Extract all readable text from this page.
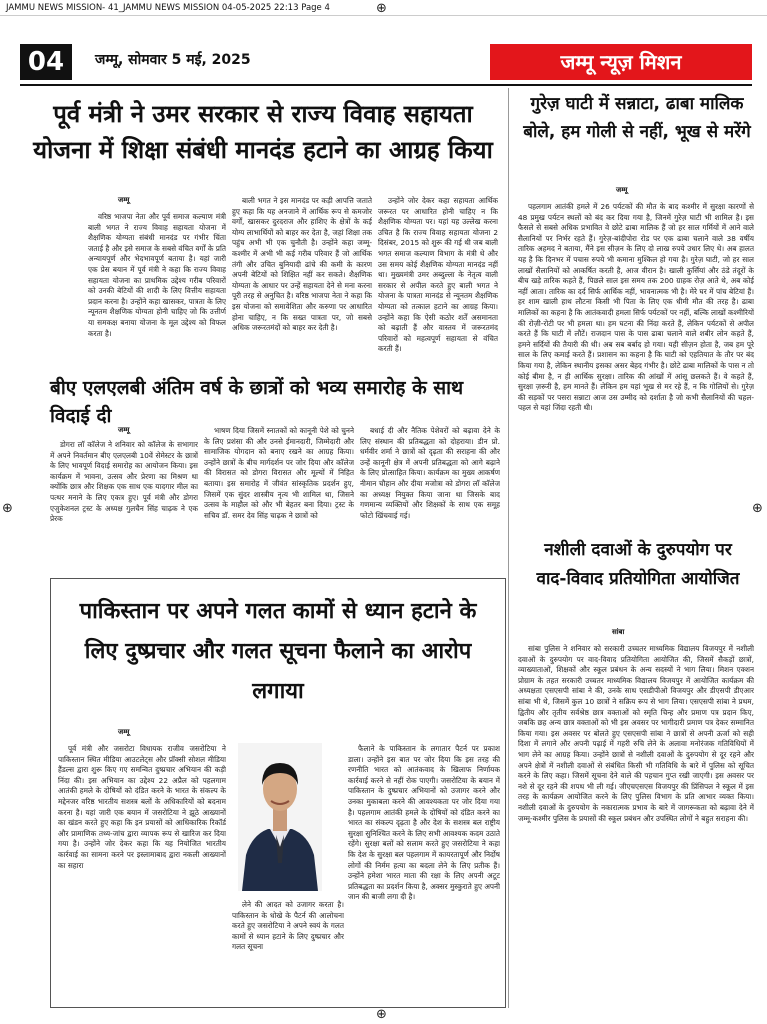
JAMMU NEWS MISSION- 41_JAMMU NEWS MISSION 04-05-2025 22:13 Page 4	⊕
⊕
⊕	⊕
04	जम्मू, सोमवार 5 मई, 2025	जम्मू न्यूज़ मिशन
पूर्व मंत्री ने उमर सरकार से राज्य विवाह सहायता योजना में शिक्षा संबंधी मानदंड हटाने का आग्रह किया
जम्मू

वरिष्ठ भाजपा नेता और पूर्व समाज कल्याण मंत्री बाली भगत ने राज्य विवाह सहायता योजना में शैक्षणिक योग्यता संबंधी मानदंड पर गंभीर चिंता जताई है और इसे समाज के सबसे वंचित वर्गों के प्रति अन्यायपूर्ण और भेदभावपूर्ण बताया है। यहां जारी एक प्रेस बयान में पूर्व मंत्री ने कहा कि राज्य विवाह सहायता योजना का प्राथमिक उद्देश्य गरीब परिवारों को उनकी बेटियों की शादी के लिए वित्तीय सहायता प्रदान करना है। उन्होंने कहा खासकर, पात्रता के लिए न्यूनतम शैक्षणिक योग्यता होनी चाहिए जो कि उत्तीर्ण या समकक्ष बनाया योजना के मूल उद्देश्य को विफल करता है।

बाली भगत ने इस मानदंड पर कड़ी आपत्ति जताते हुए कहा कि यह अनजाने में आर्थिक रूप से कमजोर वर्गों, खासकर दुरदराज और हाशिए के क्षेत्रों के कई योग्य लाभार्थियों को बाहर कर देता है, जहां शिक्षा तक पहुंच अभी भी एक चुनौती है। उन्होंने कहा जम्मू-कश्मीर में अभी भी कई गरीब परिवार हैं जो आर्थिक तंगी और उचित बुनियादी ढांचे की कमी के कारण अपनी बेटियों को शिक्षित नहीं कर सकते। शैक्षणिक योग्यता के आधार पर उन्हें सहायता देने से मना करना पूरी तरह से अनुचित है। वरिष्ठ भाजपा नेता ने कहा कि इस योजना को समावेशिता और करुणा पर आधारित होना चाहिए, न कि सख्त पात्रता पर, जो सबसे अधिक जरूरतमंदों को बाहर कर देती है।

उन्होंने जोर देकर कहा सहायता आर्थिक जरूरत पर आधारित होनी चाहिए न कि शैक्षणिक योग्यता पर। यहां यह उल्लेख करना उचित है कि राज्य विवाह सहायता योजना 2 दिसंबर, 2015 को शुरू की गई थी जब बाली भगत समाज कल्याण विभाग के मंत्री थे और उस समय कोई शैक्षणिक योग्यता मानदंड नहीं था। मुख्यमंत्री उमर अब्दुल्ला के नेतृत्व वाली सरकार से अपील करते हुए बाली भगत ने योजना के पात्रता मानदंड से न्यूनतम शैक्षणिक योग्यता को तत्काल हटाने का आग्रह किया। उन्होंने कहा कि ऐसी कठोर शर्तें असमानता को बढ़ाती हैं और वास्तव में जरूरतमंद परिवारों को महत्वपूर्ण सहायता से वंचित करती हैं।

बीए एलएलबी अंतिम वर्ष के छात्रों को भव्य समारोह के साथ विदाई दी
जम्मू

डोगरा लॉ कॉलेज ने शनिवार को कॉलेज के सभागार में अपने निवर्तमान बीए एलएलबी 10वें सेमेस्टर के छात्रों के लिए भावपूर्ण विदाई समारोह का आयोजन किया। इस कार्यक्रम में भावना, उत्सव और प्रेरणा का मिश्रण था क्योंकि छात्र और शिक्षक एक साथ एक यादगार मील का पत्थर मनाने के लिए एकत्र हुए। पूर्व मंत्री और डोगरा एजुकेशनल ट्रस्ट के अध्यक्ष गुलचैन सिंह चाढ़क ने एक प्रेरक

भाषण दिया जिसमें स्नातकों को कानूनी पेशे को चुनने के लिए प्रशंसा की और उनसे ईमानदारी, जिम्मेदारी और सामाजिक योगदान को बनाए रखने का आग्रह किया। उन्होंने छात्रों के बीच मार्गदर्शन पर जोर दिया और कॉलेज की विरासत को डोगरा विरासत और मूल्यों में निहित बताया। इस समारोह में जीवंत सांस्कृतिक प्रदर्शन हुए, जिसमें एक सुंदर शास्त्रीय नृत्य भी शामिल था, जिसने उत्सव के माहौल को और भी बेहतर बना दिया। ट्रस्ट के सचिव डॉ. समर देव सिंह चाढ़क ने छात्रों को

बधाई दी और नैतिक पेशेवरों को बढ़ावा देने के लिए संस्थान की प्रतिबद्धता को दोहराया। डीन प्रो. धर्मवीर शर्मा ने छात्रों को दृढ़ता की सराहना की और उन्हें कानूनी क्षेत्र में अपनी प्रतिबद्धता को आगे बढ़ाने के लिए प्रोत्साहित किया। कार्यक्रम का मुख्य आकर्षण नीमान चौहान और दीया मजोत्रा को डोगरा लॉ कॉलेज का अध्यक्ष नियुक्त किया जाना था जिसके बाद गणमान्य व्यक्तियों और शिक्षकों के साथ एक समूह फोटो खिंचवाई गई।

पाकिस्तान पर अपने गलत कामों से ध्यान हटाने के लिए दुष्प्रचार और गलत सूचना फैलाने का आरोप लगाया
जम्मू

पूर्व मंत्री और जसरोटा विधायक राजीव जसरोटिया ने पाकिस्तान स्थित मीडिया आउटलेट्स और प्रॉक्सी सोशल मीडिया हैंडल्स द्वारा शुरू किए गए समन्वित दुष्प्रचार अभियान की कड़ी निंदा की। इस अभियान का उद्देश्य 22 अप्रैल को पहलगाम आतंकी हमले के दोषियों को दंडित करने के भारत के संकल्प के मद्देनजर वरिष्ठ भारतीय सशस्त्र बलों के अधिकारियों को बदनाम करना है। यहां जारी एक बयान में जसरोटिया ने झूठे आख्यानों का खंडन करते हुए कहा कि इन प्रयासों को आधिकारिक रिकॉर्ड और प्रामाणिक तथ्य-जांच द्वारा व्यापक रूप से खारिज कर दिया गया है। उन्होंने जोर देकर कहा कि यह नियोजित भारतीय कार्रवाई का सामना करने पर इस्लामाबाद द्वारा नकली आख्यानों का सहारा

लेने की आदत को उजागर करता है। पाकिस्तान के धोखे के पैटर्न की आलोचना करते हुए जसरोटिया ने अपने स्वयं के गलत कामों से ध्यान हटाने के लिए दुष्प्रचार और गलत सूचना

फैलाने के पाकिस्तान के लगातार पैटर्न पर प्रकाश डाला। उन्होंने इस बात पर जोर दिया कि इस तरह की रणनीति भारत को आतंकवाद के खिलाफ निर्णायक कार्रवाई करने से नहीं रोक पाएगी। जसरोटिया के बयान में पाकिस्तान के दुष्प्रचार अभियानों को उजागर करने और उनका मुकाबला करने की आवश्यकता पर जोर दिया गया है। पहलगाम आतंकी हमले के दोषियों को दंडित करने का भारत का संकल्प दृढ़ता है और देश के सशस्त्र बल राष्ट्रीय सुरक्षा सुनिश्चित करने के लिए सभी आवश्यक कदम उठाते रहेंगे। सुरक्षा बलों को सलाम करते हुए जसरोटिया ने कहा कि देश के सुरक्षा बल पहलगाम में कायरतापूर्ण और निर्दोष लोगों की निर्मम हत्या का बदला लेने के लिए प्रतीक हैं। उन्होंने हमेशा भारत माता की रक्षा के लिए अपनी अटूट प्रतिबद्धता का प्रदर्शन किया है, अक्सर मुस्कुराते हुए अपनी जान की बाजी लगा दी है।

गुरेज़ घाटी में सन्नाटा, ढाबा मालिक बोले, हम गोली से नहीं, भूख से मरेंगे
जम्मू

पहलगाम आतंकी हमले में 26 पर्यटकों की मौत के बाद कश्मीर में सुरक्षा कारणों से 48 प्रमुख पर्यटन स्थलों को बंद कर दिया गया है, जिनमें गुरेज़ घाटी भी शामिल है। इस फैसले से सबसे अधिक प्रभावित वे छोटे ढाबा मालिक हैं जो हर साल गर्मियों में आने वाले सैलानियों पर निर्भर रहते हैं। गुरेज़-बांदीपोरा रोड पर एक ढाबा चलाने वाले 38 वर्षीय तारिक अहमद ने बताया, मैंने इस सीज़न के लिए दो लाख रुपये उधार लिए थे। अब हालत यह है कि दिनभर में पचास रुपये भी कमाना मुश्किल हो गया है। गुरेज़ घाटी, जो हर साल लाखों सैलानियों को आकर्षित करती है, आज वीरान है। खाली कुर्सियां और ठंडे तंदूरों के बीच खड़े तारिक कहते हैं, पिछले साल इस समय तक 200 ग्राहक रोज़ आते थे, अब कोई नहीं आता। तारिक का दर्द सिर्फ आर्थिक नहीं, भावनात्मक भी है। मेरे घर में पांच बेटियां हैं। हर शाम खाली हाथ लौटना किसी भी पिता के लिए एक धीमी मौत की तरह है। ढाबा मालिकों का कहना है कि आतंकवादी हमला सिर्फ पर्यटकों पर नहीं, बल्कि लाखों कश्मीरियों की रोज़ी-रोटी पर भी हमला था। हम घटना की निंदा करते हैं, लेकिन पर्यटकों से अपील करते हैं कि घाटी में लौटें। राजदान पास के पास ढाबा चलाने वाले शबीर लोन कहते हैं, हमने सर्दियों की तैयारी की थी। अब सब बर्बाद हो गया। यही सीज़न होता है, जब हम पूरे साल के लिए कमाई करते हैं। प्रशासन का कहना है कि घाटी को एहतियात के तौर पर बंद किया गया है, लेकिन स्थानीय इसका असर बेहद गंभीर है। छोटे ढाबा मालिकों के पास न तो कोई बीमा है, न ही आर्थिक सुरक्षा। तारिक की आंखों में आंसू छलकते हैं। वे कहते हैं, सुरक्षा ज़रूरी है, हम मानते हैं। लेकिन हम यहां भूख से मर रहे हैं, न कि गोलियों से। गुरेज़ की सड़कों पर पसरा सन्नाटा आज उस उम्मीद को दर्शाता है जो कभी सैलानियों की चहल-पहल से यहां जिंदा रहती थी।

नशीली दवाओं के दुरुपयोग पर वाद-विवाद प्रतियोगिता आयोजित
सांबा

सांबा पुलिस ने शनिवार को सरकारी उच्चतर माध्यमिक विद्यालय विजयपुर में नशीली दवाओं के दुरुपयोग पर वाद-विवाद प्रतियोगिता आयोजित की, जिसमें सैकड़ों छात्रों, व्याख्याताओं, शिक्षकों और स्कूल प्रबंधन के अन्य सदस्यों ने भाग लिया। मिशन एक्शन प्रोग्राम के तहत सरकारी उच्चतर माध्यमिक विद्यालय विजयपुर में आयोजित कार्यक्रम की अध्यक्षता एसएसपी सांबा ने की, उनके साथ एसडीपीओ विजयपुर और डीएसपी डीएआर सांबा भी थे, जिसमें कुल 10 छात्रों ने सक्रिय रूप से भाग लिया। एसएसपी सांबा ने प्रथम, द्वितीय और तृतीय सर्वश्रेष्ठ छात्र वक्ताओं को स्मृति चिन्ह और प्रमाण पत्र प्रदान किए, जबकि छह अन्य छात्र वक्ताओं को भी इस अवसर पर भागीदारी प्रमाण पत्र देकर सम्मानित किया गया। इस अवसर पर बोलते हुए एसएसपी सांबा ने छात्रों से अपनी ऊर्जा को सही दिशा में लगाने और अपनी पढ़ाई में गहरी रुचि लेने के अलावा मनोरंजक गतिविधियों में भाग लेने का आग्रह किया। उन्होंने छात्रों से नशीली दवाओं के दुरुपयोग से दूर रहने और अपने क्षेत्रों में नशीली दवाओं से संबंधित किसी भी गतिविधि के बारे में पुलिस को सूचित करने के लिए कहा। जिसमें सूचना देने वाले की पहचान गुप्त रखी जाएगी। इस अवसर पर नशे से दूर रहने की शपथ भी ली गई। जीएचएसएस विजयपुर की प्रिंसिपल ने स्कूल में इस तरह के कार्यक्रम आयोजित करने के लिए पुलिस विभाग के प्रति आभार व्यक्त किया। नशीली दवाओं के दुरुपयोग के नकारात्मक प्रभाव के बारे में जागरूकता को बढ़ावा देने में जम्मू-कश्मीर पुलिस के प्रयासों की स्कूल प्रबंधन और उपस्थित लोगों ने बहुत सराहना की।
